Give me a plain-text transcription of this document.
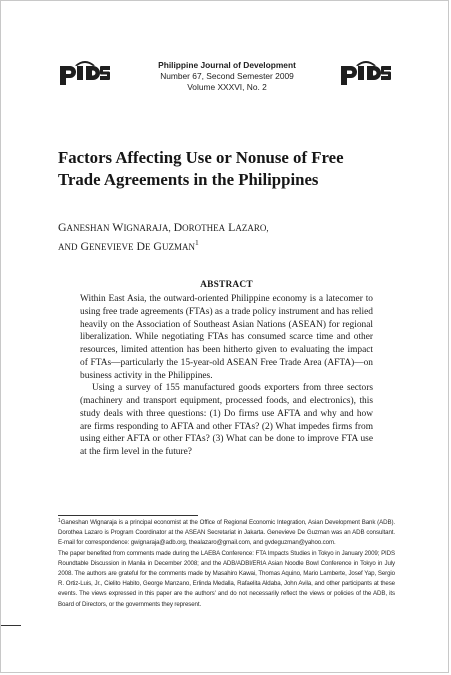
Philippine Journal of Development
Number 67, Second Semester 2009
Volume XXXVI, No. 2
Factors Affecting Use or Nonuse of Free
Trade Agreements in the Philippines
GANESHAN WIGNARAJA, DOROTHEA LAZARO,
AND GENEVIEVE DE GUZMAN$^1$
ABSTRACT

Within East Asia, the outward-oriented Philippine economy is a latecomer to using free trade agreements (FTAs) as a trade policy instrument and has relied heavily on the Association of Southeast Asian Nations (ASEAN) for regional liberalization. While negotiating FTAs has consumed scarce time and other resources, limited attention has been hitherto given to evaluating the impact of FTAs—particularly the 15-year-old ASEAN Free Trade Area (AFTA)—on business activity in the Philippines.

Using a survey of 155 manufactured goods exporters from three sectors (machinery and transport equipment, processed foods, and electronics), this study deals with three questions: (1) Do firms use AFTA and why and how are firms responding to AFTA and other FTAs? (2) What impedes firms from using either AFTA or other FTAs? (3) What can be done to improve FTA use at the firm level in the future?

$^1$Ganeshan Wignaraja is a principal economist at the Office of Regional Economic Integration, Asian Development Bank (ADB). Dorothea Lazaro is Program Coordinator at the ASEAN Secretariat in Jakarta. Genevieve De Guzman was an ADB consultant. E-mail for correspondence: gwignaraja@adb.org, thealazaro@gmail.com, and gvdeguzman@yahoo.com.

The paper benefited from comments made during the LAEBA Conference: FTA Impacts Studies in Tokyo in January 2009; PIDS Roundtable Discussion in Manila in December 2008; and the ADB/ADBI/ERIA Asian Noodle Bowl Conference in Tokyo in July 2008. The authors are grateful for the comments made by Masahiro Kawai, Thomas Aquino, Mario Lamberte, Josef Yap, Sergio R. Ortiz-Luis, Jr., Cielito Habito, George Manzano, Erlinda Medalla, Rafaelita Aldaba, John Avila, and other participants at these events. The views expressed in this paper are the authors' and do not necessarily reflect the views or policies of the ADB, its Board of Directors, or the governments they represent.
